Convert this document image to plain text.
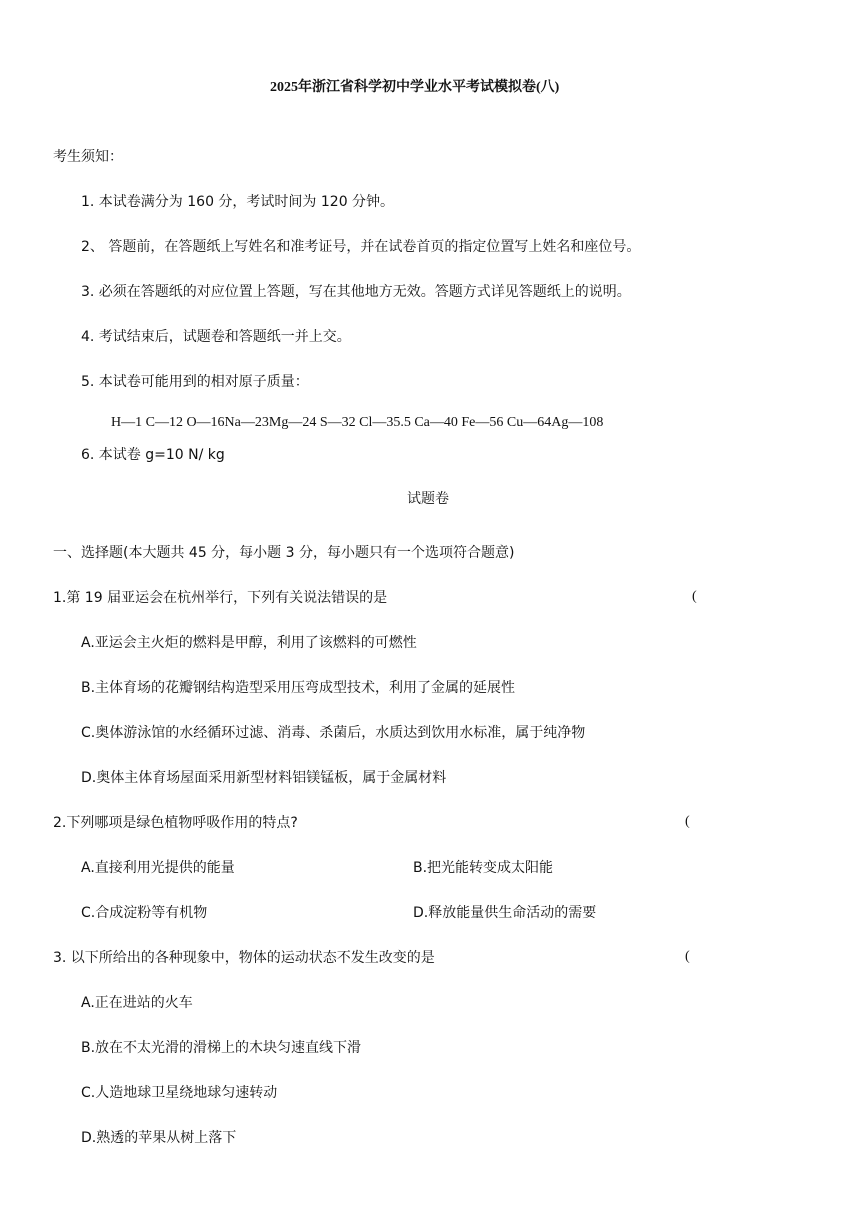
2025年浙江省科学初中学业水平考试模拟卷(八)
考生须知：
1. 本试卷满分为 160 分，考试时间为 120 分钟。
2、 答题前，在答题纸上写姓名和准考证号，并在试卷首页的指定位置写上姓名和座位号。
3. 必须在答题纸的对应位置上答题，写在其他地方无效。答题方式详见答题纸上的说明。
4. 考试结束后，试题卷和答题纸一并上交。
5. 本试卷可能用到的相对原子质量：
H—1 C—12 O—16Na—23Mg—24 S—32 Cl—35.5 Ca—40 Fe—56 Cu—64Ag—108
6. 本试卷 g=10 N/ kg
试题卷
一、选择题(本大题共 45 分，每小题 3 分，每小题只有一个选项符合题意)
1.第 19 届亚运会在杭州举行，下列有关说法错误的是	(
A.亚运会主火炬的燃料是甲醇，利用了该燃料的可燃性
B.主体育场的花瓣钢结构造型采用压弯成型技术，利用了金属的延展性
C.奥体游泳馆的水经循环过滤、消毒、杀菌后，水质达到饮用水标准，属于纯净物
D.奥体主体育场屋面采用新型材料铝镁锰板，属于金属材料
2.下列哪项是绿色植物呼吸作用的特点?	(
A.直接利用光提供的能量	B.把光能转变成太阳能
C.合成淀粉等有机物	D.释放能量供生命活动的需要
3. 以下所给出的各种现象中，物体的运动状态不发生改变的是	(
A.正在进站的火车
B.放在不太光滑的滑梯上的木块匀速直线下滑
C.人造地球卫星绕地球匀速转动
D.熟透的苹果从树上落下
